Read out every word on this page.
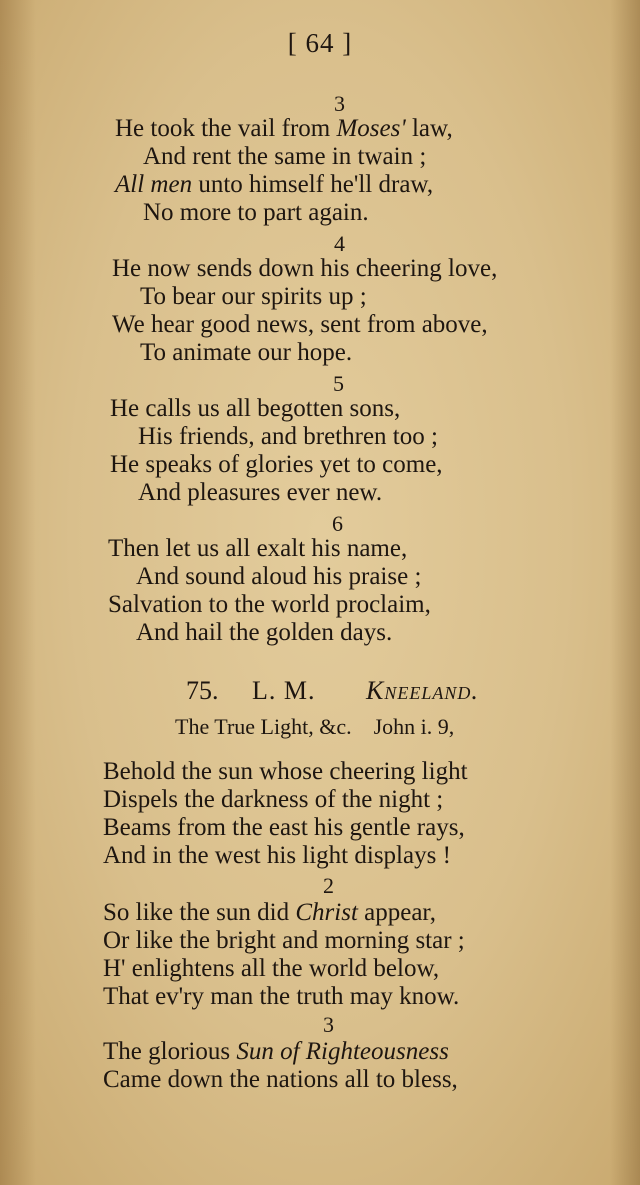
[ 64 ]
3
He took the vail from Moses' law,
And rent the same in twain ;
All men unto himself he'll draw,
No more to part again.
4
He now sends down his cheering love,
To bear our spirits up ;
We hear good news, sent from above,
To animate our hope.
5
He calls us all begotten sons,
His friends, and brethren too ;
He speaks of glories yet to come,
And pleasures ever new.
6
Then let us all exalt his name,
And sound aloud his praise ;
Salvation to the world proclaim,
And hail the golden days.
75. L. M. Kneeland.
The True Light, &c. John i. 9,
Behold the sun whose cheering light
Dispels the darkness of the night ;
Beams from the east his gentle rays,
And in the west his light displays !
2
So like the sun did Christ appear,
Or like the bright and morning star ;
H' enlightens all the world below,
That ev'ry man the truth may know.
3
The glorious Sun of Righteousness
Came down the nations all to bless,
